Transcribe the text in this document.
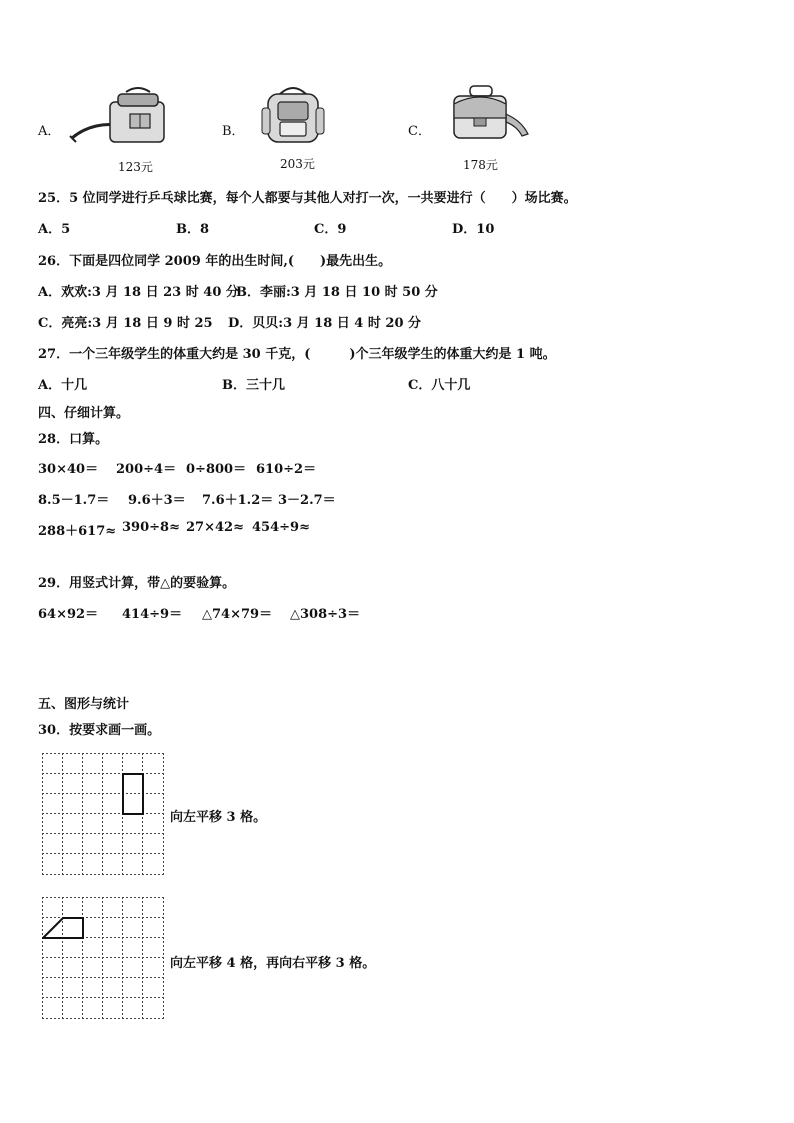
A．
123元
B．
203元
C．
178元
25．5 位同学进行乒乓球比赛，每个人都要与其他人对打一次，一共要进行（　　）场比赛。
A．5	B．8	C．9	D．10
26．下面是四位同学 2009 年的出生时间,(　　)最先出生。
A．欢欢:3 月 18 日 23 时 40 分
B．李丽:3 月 18 日 10 时 50 分
C．亮亮:3 月 18 日 9 时 25 D．贝贝:3 月 18 日 4 时 20 分
27．一个三年级学生的体重大约是 30 千克，(　　　)个三年级学生的体重大约是 1 吨。
A．十几	B．三十几	C．八十几
四、仔细计算。
28．口算。
30×40＝ 200÷4＝ 0÷800＝ 610÷2＝
8.5－1.7＝ 9.6＋3＝ 7.6＋1.2＝ 3－2.7＝
288＋617≈ 390÷8≈ 27×42≈ 454÷9≈
29．用竖式计算，带△的要验算。
64×92＝ 414÷9＝ △74×79＝ △308÷3＝
五、图形与统计
30．按要求画一画。
向左平移 3 格。
向左平移 4 格，再向右平移 3 格。
